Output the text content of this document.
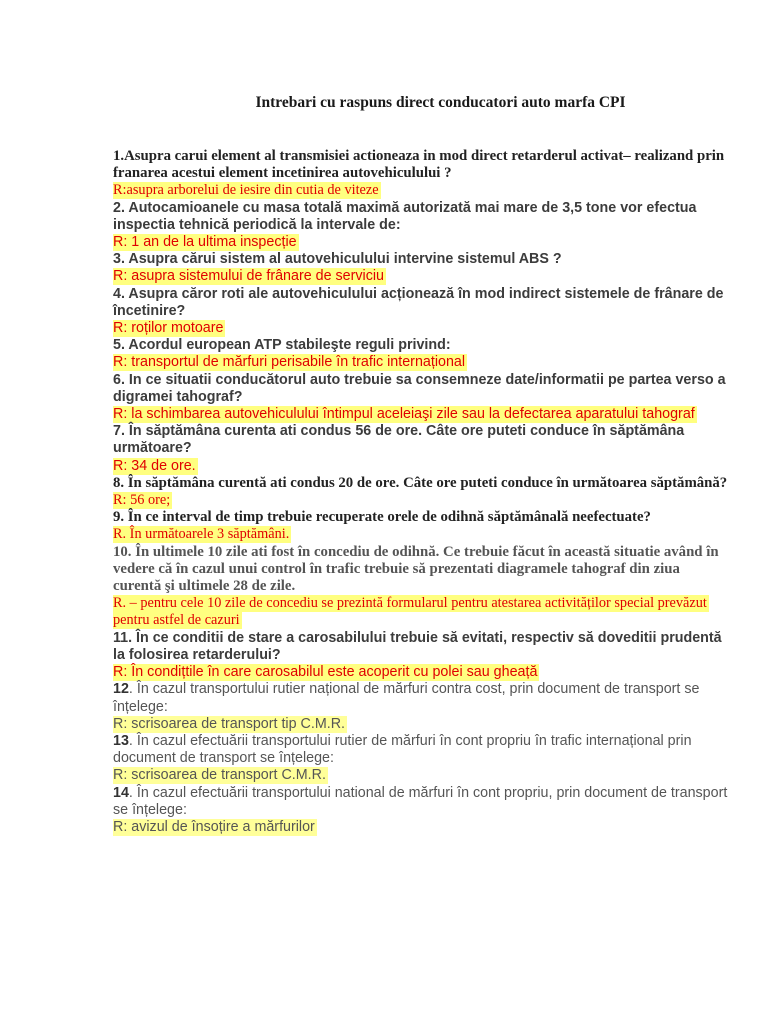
Intrebari cu raspuns direct conducatori auto marfa CPI

1.Asupra carui element al transmisiei actioneaza in mod direct retarderul activat– realizand prin franarea acestui element incetinirea autovehiculului ?

R:asupra arborelui de iesire din cutia de viteze

2. Autocamioanele cu masa totală maximă autorizată mai mare de 3,5 tone vor efectua inspectia tehnică periodică la intervale de:

R: 1 an de la ultima inspecție

3. Asupra cărui sistem al autovehiculului intervine sistemul ABS ?

R: asupra sistemului de frânare de serviciu

4. Asupra căror roti ale autovehiculului acționează în mod indirect sistemele de frânare de încetinire?

R: roților motoare

5. Acordul european ATP stabileşte reguli privind:

R: transportul de mărfuri perisabile în trafic internațional

6. In ce situatii conducătorul auto trebuie sa consemneze date/informatii pe partea verso a digramei tahograf?

R: la schimbarea autovehiculului întimpul aceleiaşi zile sau la defectarea aparatului tahograf

7. În săptămâna curenta ati condus 56 de ore. Câte ore puteti conduce în săptămâna următoare?

R: 34 de ore.

8. În săptămâna curentă ati condus 20 de ore. Câte ore puteti conduce în următoarea săptămână?

R: 56 ore;

9. În ce interval de timp trebuie recuperate orele de odihnă săptămânală neefectuate?

R. În următoarele 3 săptămâni.

10. În ultimele 10 zile ati fost în concediu de odihnă. Ce trebuie făcut în această situatie având în vedere că în cazul unui control în trafic trebuie să prezentati diagramele tahograf din ziua curentă şi ultimele 28 de zile.

R. – pentru cele 10 zile de concediu se prezintă formularul pentru atestarea activităților special prevăzut pentru astfel de cazuri

11. În ce conditii de stare a carosabilului trebuie să evitati, respectiv să doveditii prudentă la folosirea retarderului?

R: În condițtile în care carosabilul este acoperit cu polei sau gheață

12. În cazul transportului rutier național de mărfuri contra cost, prin document de transport se înțelege:

R: scrisoarea de transport tip C.M.R.

13. În cazul efectuării transportului rutier de mărfuri în cont propriu în trafic internațional prin document de transport se înțelege:

R: scrisoarea de transport C.M.R.

14. În cazul efectuării transportului national de mărfuri în cont propriu, prin document de transport se înțelege:

R: avizul de însoțire a mărfurilor
